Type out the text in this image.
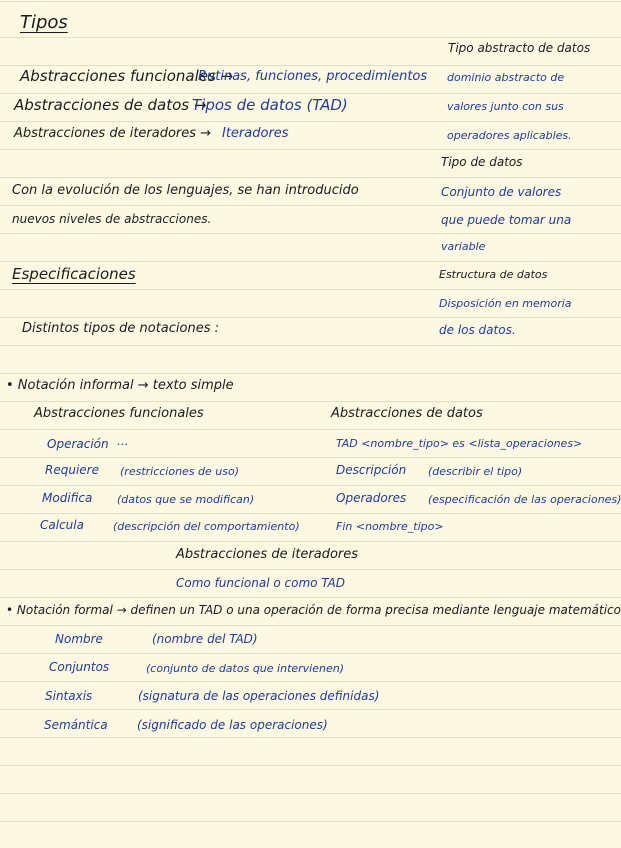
Tipos
Abstracciones funcionales →
Rutinas, funciones, procedimientos
Abstracciones de datos →
Tipos de datos (TAD)
Abstracciones de iteradores → Iteradores
Con la evolución de los lenguajes, se han introducido
nuevos niveles de abstracciones.
Especificaciones
Distintos tipos de notaciones :
Tipo abstracto de datos
dominio abstracto de
valores junto con sus
operadores aplicables.
Tipo de datos
Conjunto de valores
que puede tomar una
variable
Estructura de datos
Disposición en memoria
de los datos.
• Notación informal → texto simple
Abstracciones funcionales
Operación ...
Requiere (restricciones de uso)
Modifica (datos que se modifican)
Calcula	(descripción del comportamiento)
Abstracciones de datos
TAD <nombre_tipo> es <lista_operaciones>
Descripción (describir el tipo)
Operadores (especificación de las operaciones)
Fin <nombre_tipo>
Abstracciones de iteradores
Como funcional o como TAD
• Notación formal → definen un TAD o una operación de forma precisa mediante lenguaje matemático
Nombre	(nombre del TAD)
Conjuntos	(conjunto de datos que intervienen)
Sintaxis	(signatura de las operaciones definidas)
Semántica (significado de las operaciones)
